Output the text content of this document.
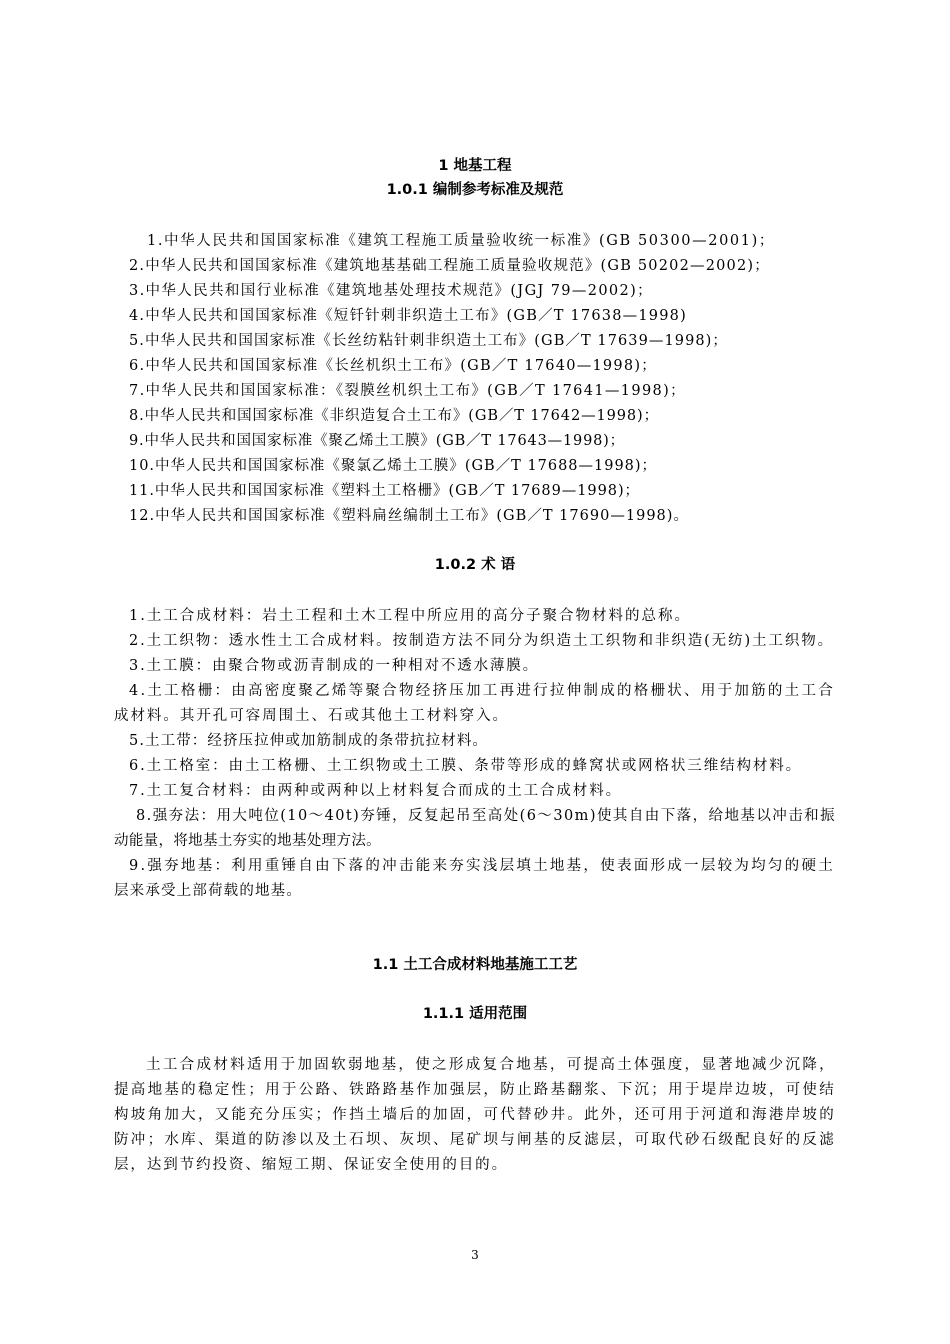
1 地基工程
1.0.1 编制参考标准及规范
1.中华人民共和国国家标准《建筑工程施工质量验收统一标准》(GB 50300—2001)；
2.中华人民共和国国家标准《建筑地基基础工程施工质量验收规范》(GB 50202—2002)；
3.中华人民共和国行业标准《建筑地基处理技术规范》(JGJ 79—2002)；
4.中华人民共和国国家标准《短钎针刺非织造土工布》(GB／T 17638—1998)
5.中华人民共和国国家标准《长丝纺粘针刺非织造土工布》(GB／T 17639—1998)；
6.中华人民共和国国家标准《长丝机织土工布》(GB／T 17640—1998)；
7.中华人民共和国国家标准：《裂膜丝机织土工布》(GB／T 17641—1998)；
8.中华人民共和国国家标准《非织造复合土工布》(GB／T 17642—1998)；
9.中华人民共和国国家标准《聚乙烯土工膜》(GB／T 17643—1998)；
10.中华人民共和国国家标准《聚氯乙烯土工膜》(GB／T 17688—1998)；
11.中华人民共和国国家标准《塑料土工格栅》(GB／T 17689—1998)；
12.中华人民共和国国家标准《塑料扁丝编制土工布》(GB／T 17690—1998)。
1.0.2 术 语
1.土工合成材料：岩土工程和土木工程中所应用的高分子聚合物材料的总称。
2.土工织物：透水性土工合成材料。按制造方法不同分为织造土工织物和非织造(无纺)土工织物。
3.土工膜：由聚合物或沥青制成的一种相对不透水薄膜。
4.土工格栅：由高密度聚乙烯等聚合物经挤压加工再进行拉伸制成的格栅状、用于加筋的土工合
成材料。其开孔可容周围土、石或其他土工材料穿入。
5.土工带：经挤压拉伸或加筋制成的条带抗拉材料。
6.土工格室：由土工格栅、土工织物或土工膜、条带等形成的蜂窝状或网格状三维结构材料。
7.土工复合材料：由两种或两种以上材料复合而成的土工合成材料。
8.强夯法：用大吨位(10～40t)夯锤，反复起吊至高处(6～30m)使其自由下落，给地基以冲击和振
动能量，将地基土夯实的地基处理方法。
9.强夯地基：利用重锤自由下落的冲击能来夯实浅层填土地基，使表面形成一层较为均匀的硬土
层来承受上部荷载的地基。
1.1 土工合成材料地基施工工艺
1.1.1 适用范围
土工合成材料适用于加固软弱地基，使之形成复合地基，可提高土体强度，显著地减少沉降，
提高地基的稳定性；用于公路、铁路路基作加强层，防止路基翻浆、下沉；用于堤岸边坡，可使结
构坡角加大，又能充分压实；作挡土墙后的加固，可代替砂井。此外，还可用于河道和海港岸坡的
防冲；水库、渠道的防渗以及土石坝、灰坝、尾矿坝与闸基的反滤层，可取代砂石级配良好的反滤
层，达到节约投资、缩短工期、保证安全使用的目的。
3
